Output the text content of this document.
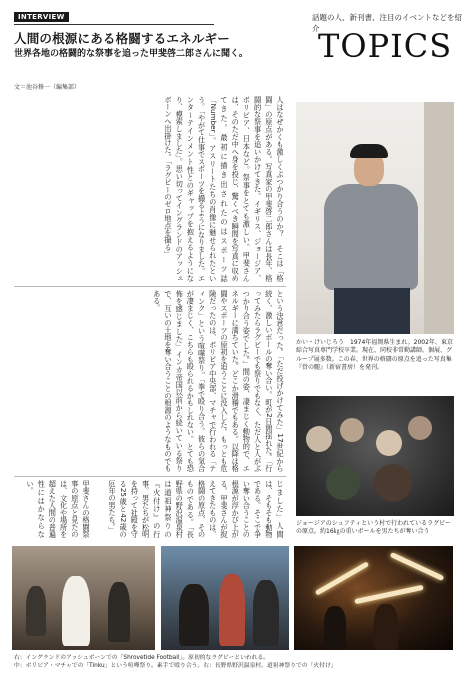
INTERVIEW
人間の根源にある格闘するエネルギー
世界各地の格闘的な祭事を追った甲斐啓二郎さんに聞く。
文＝池谷修一（編集部）
話題の人、新刊書、注目のイベントなどを紹介
TOPICS

人はなぜかくも激しくぶつかり合うのか？　そこは「格闘」の原点がある。写真家の甲斐啓二郎さんは長年、格闘的な祭事を追いかけてきた。イギリス、ジョージア、ボリビア、日本など。祭事をとても激しい。甲斐さんは、そのただ中へ身を投じ、驚くべき瞬間を写真に収めてきた。最初に描き出されたのはスポーツ誌「Number」。アスリートたちの肖像に魅せられたという。「やがて仕事でスポーツを撮るようになりました。エンターテインメント性とのギャップを抱えるようになり、模索しました」。思い切ってイングランドのアッシュボーンへ出掛けた。「ラグビーのゼロ地点を撮る」

という決意だった。「ただ投げかけてみた」17世紀から続く、激しいボールの奪い合い。町が2日間揺れた。「行ってみたらラグビーでも祭りでもなく、ただ人と人がぶつかり合う姿でした。」間の姿、凄まじく動物的で、エネルギーに満ちていた。どこか滑稽でもある。以降は格闘やスポーツの原初を追うことに没入した。もっとも危険だったのは、ボリビア中央部、マチャで行われる「ティンク」という喧嘩祭り。「拳で殴り合う。彼らの気合が凄まじく、こちらも殴られるかもしれない。とても恐怖を感じました」インカ帝国以前から続いている祭りで、互いの土地を奪い合うことの根源のようなものでもある。

じました」人間は、そもそも動物である。そこで争い奪い合うことの根源が浮かび上がる。甲斐さんが捉えてきたものは、格闘の原点、そのものである。「長野県の野沢温泉村は道祖神祭りの『火付け』の行事。男たちが松明を持って社殿を守る25歳と42歳の厄年の男たち。」

甲斐さんの格闘祭事の原点と見たのは、文化や場所を超えた人間の普遍性にはかならない。

かい・けいじろう　1974年福岡県生まれ。2002年、東京綜合写真専門学校卒業。現在、同校非常勤講師。個展、グループ展多数。この春、世界の格闘の原点を追った写真集『骨の髄』（新宿書房）を発刊。
ジョージアのシュフティという村で行われているラグビーの原点。約16㎏の重いボールを男たちが奪い合う
右：イングランドのアッシュボーンでの「Shrovetide Football」。原初的なラグビーといわれる。
中：ボリビア・マチャでの「Tinku」という喧嘩祭り。素手で殴り合う。右：長野県野沢温泉村。道祖神祭りでの「火付け」
